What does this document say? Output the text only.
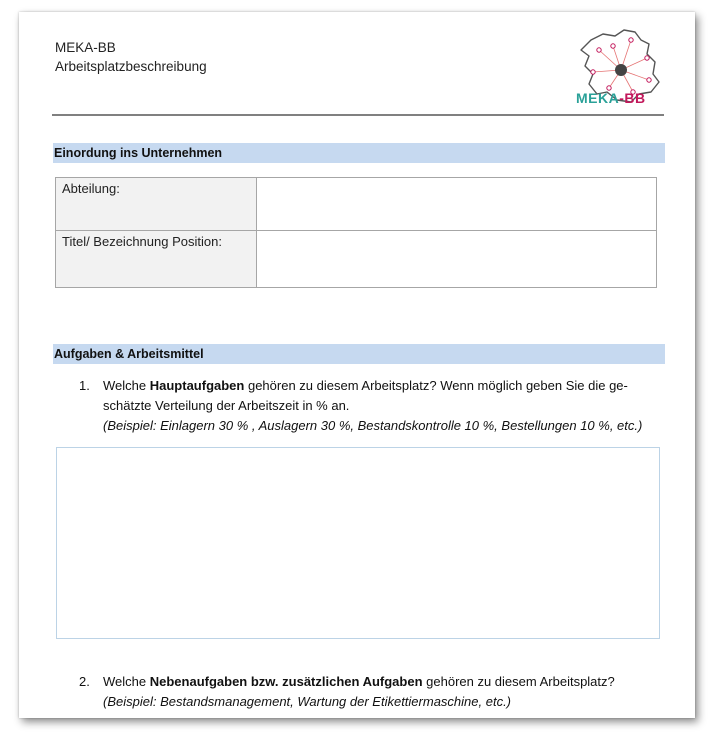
MEKA-BB
Arbeitsplatzbeschreibung
MEKA-BB
Einordung ins Unternehmen
Abteilung:	
Titel/ Bezeichnung Position:	
Aufgaben & Arbeitsmittel
1. Welche Hauptaufgaben gehören zu diesem Arbeitsplatz? Wenn möglich geben Sie die ge-
schätzte Verteilung der Arbeitszeit in % an.
(Beispiel: Einlagern 30 % , Auslagern 30 %, Bestandskontrolle 10 %, Bestellungen 10 %, etc.)
2. Welche Nebenaufgaben bzw. zusätzlichen Aufgaben gehören zu diesem Arbeitsplatz?
(Beispiel: Bestandsmanagement, Wartung der Etikettiermaschine, etc.)
